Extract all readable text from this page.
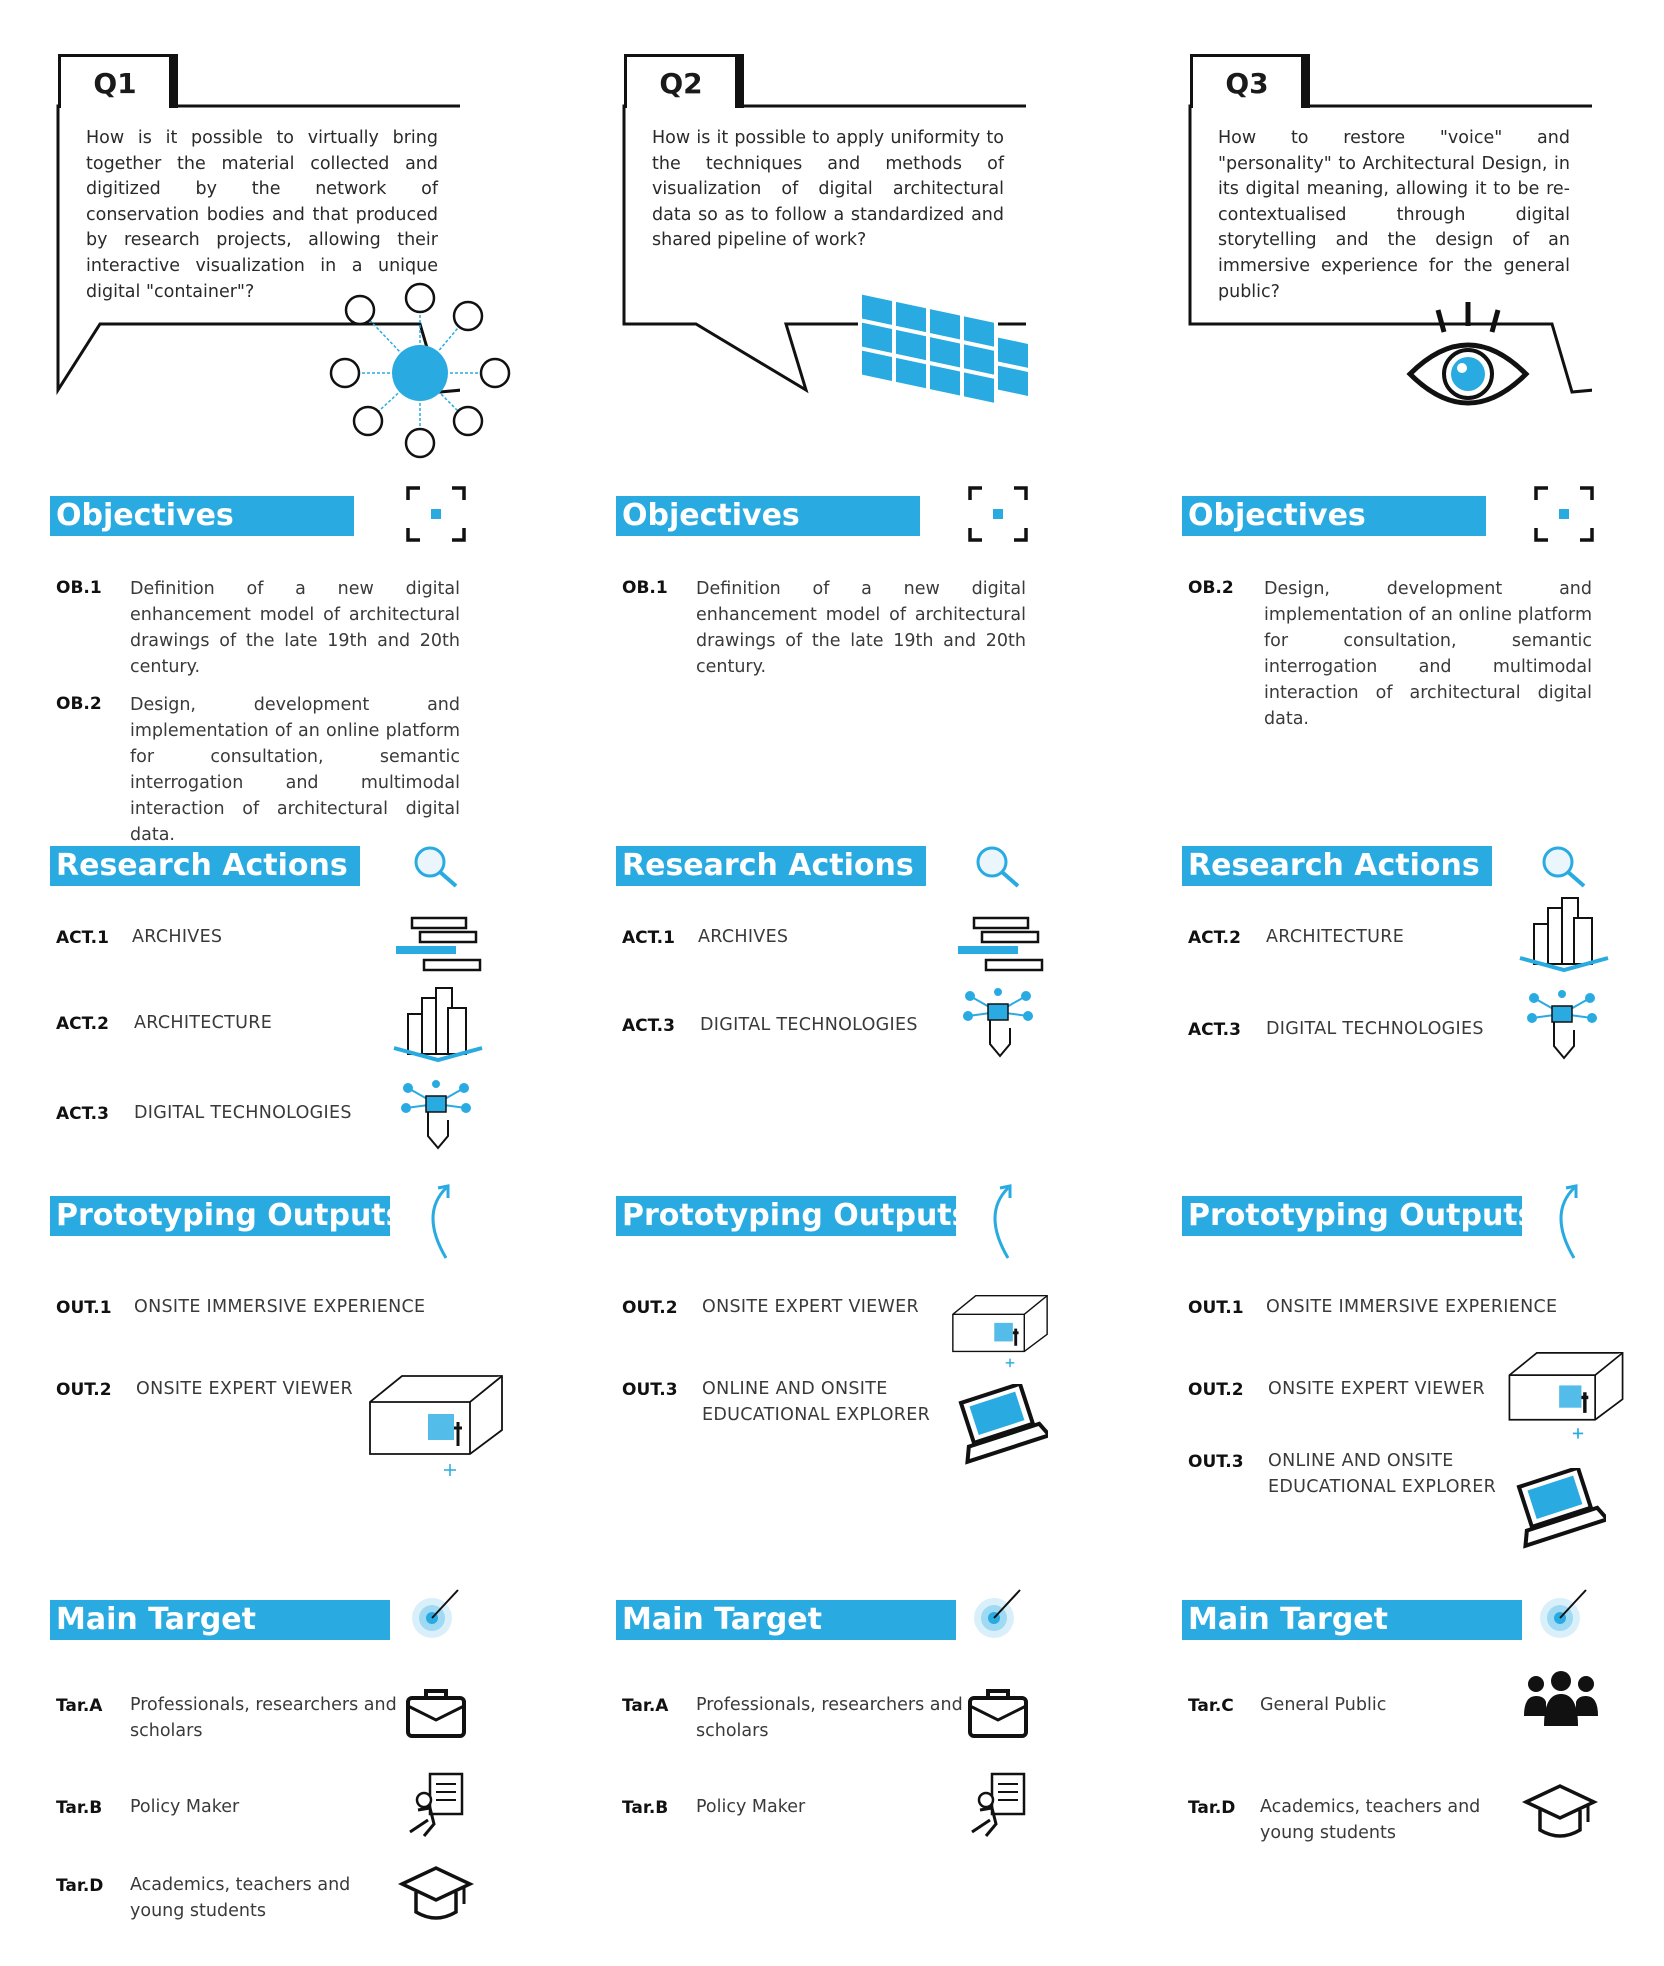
Q1
How is it possible to virtually bring together the material collected and digitized by the network of conservation bodies and that produced by research projects, allowing their interactive visualization in a unique digital "container"?
Objectives
OB.1 Definition of a new digital enhancement model of architectural drawings of the late 19th and 20th century.
OB.2 Design, development and implementation of an online platform for consultation, semantic interrogation and multimodal interaction of architectural digital data.
Research Actions
ACT.1 ARCHIVES
ACT.2 ARCHITECTURE
ACT.3 DIGITAL TECHNOLOGIES
Prototyping Outputs
OUT.1 ONSITE IMMERSIVE EXPERIENCE
OUT.2 ONSITE EXPERT VIEWER
Main Target
Tar.A Professionals, researchers and scholars
Tar.B Policy Maker
Tar.D Academics, teachers and young students
Q2
How is it possible to apply uniformity to the techniques and methods of visualization of digital architectural data so as to follow a standardized and shared pipeline of work?
Objectives
OB.1 Definition of a new digital enhancement model of architectural drawings of the late 19th and 20th century.
Research Actions
ACT.1 ARCHIVES
ACT.3 DIGITAL TECHNOLOGIES
Prototyping Outputs
OUT.2 ONSITE EXPERT VIEWER
OUT.3 ONLINE AND ONSITE EDUCATIONAL EXPLORER
Main Target
Tar.A Professionals, researchers and scholars
Tar.B Policy Maker
Q3
How to restore "voice" and "personality" to Architectural Design, in its digital meaning, allowing it to be re-contextualised through digital storytelling and the design of an immersive experience for the general public?
Objectives
OB.2 Design, development and implementation of an online platform for consultation, semantic interrogation and multimodal interaction of architectural digital data.
Research Actions
ACT.2 ARCHITECTURE
ACT.3 DIGITAL TECHNOLOGIES
Prototyping Outputs
OUT.1 ONSITE IMMERSIVE EXPERIENCE
OUT.2 ONSITE EXPERT VIEWER
OUT.3 ONLINE AND ONSITE EDUCATIONAL EXPLORER
Main Target
Tar.C General Public
Tar.D Academics, teachers and young students
